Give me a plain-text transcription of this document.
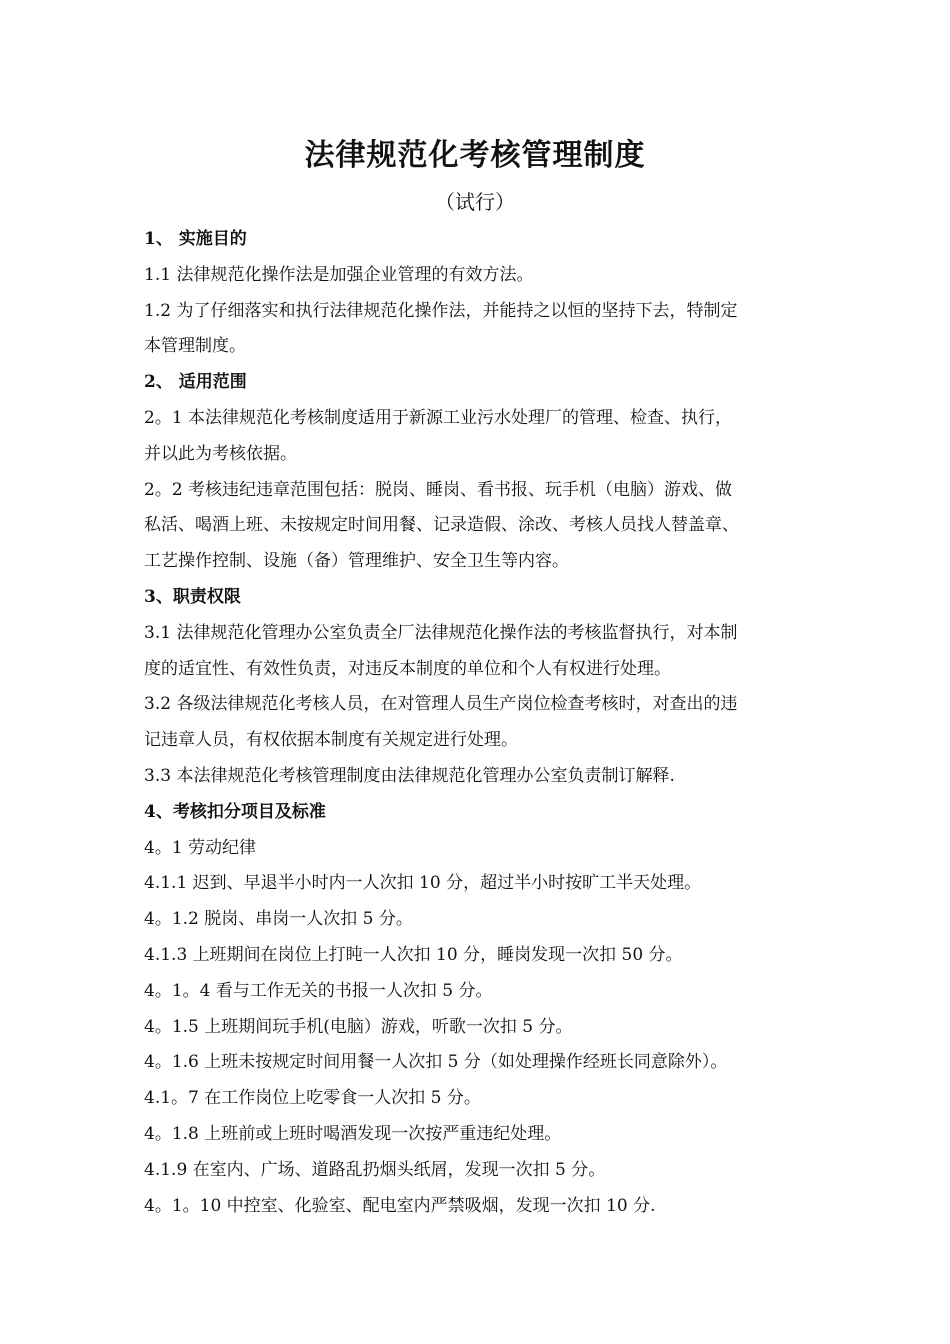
法律规范化考核管理制度
（试行）

1、 实施目的

1.1 法律规范化操作法是加强企业管理的有效方法。

1.2 为了仔细落实和执行法律规范化操作法，并能持之以恒的坚持下去，特制定

本管理制度。

2、 适用范围

2。1 本法律规范化考核制度适用于新源工业污水处理厂的管理、检查、执行，

并以此为考核依据。

2。2 考核违纪违章范围包括：脱岗、睡岗、看书报、玩手机（电脑）游戏、做

私活、喝酒上班、未按规定时间用餐、记录造假、涂改、考核人员找人替盖章、

工艺操作控制、设施（备）管理维护、安全卫生等内容。

3、职责权限

3.1 法律规范化管理办公室负责全厂法律规范化操作法的考核监督执行，对本制

度的适宜性、有效性负责，对违反本制度的单位和个人有权进行处理。

3.2 各级法律规范化考核人员，在对管理人员生产岗位检查考核时，对查出的违

记违章人员，有权依据本制度有关规定进行处理。

3.3 本法律规范化考核管理制度由法律规范化管理办公室负责制订解释.

4、考核扣分项目及标准

4。1 劳动纪律

4.1.1 迟到、早退半小时内一人次扣 10 分，超过半小时按旷工半天处理。

4。1.2 脱岗、串岗一人次扣 5 分。

4.1.3 上班期间在岗位上打盹一人次扣 10 分，睡岗发现一次扣 50 分。

4。1。4 看与工作无关的书报一人次扣 5 分。

4。1.5 上班期间玩手机(电脑）游戏，听歌一次扣 5 分。

4。1.6 上班未按规定时间用餐一人次扣 5 分（如处理操作经班长同意除外）。

4.1。7 在工作岗位上吃零食一人次扣 5 分。

4。1.8 上班前或上班时喝酒发现一次按严重违纪处理。

4.1.9 在室内、广场、道路乱扔烟头纸屑，发现一次扣 5 分。

4。1。10 中控室、化验室、配电室内严禁吸烟，发现一次扣 10 分.
